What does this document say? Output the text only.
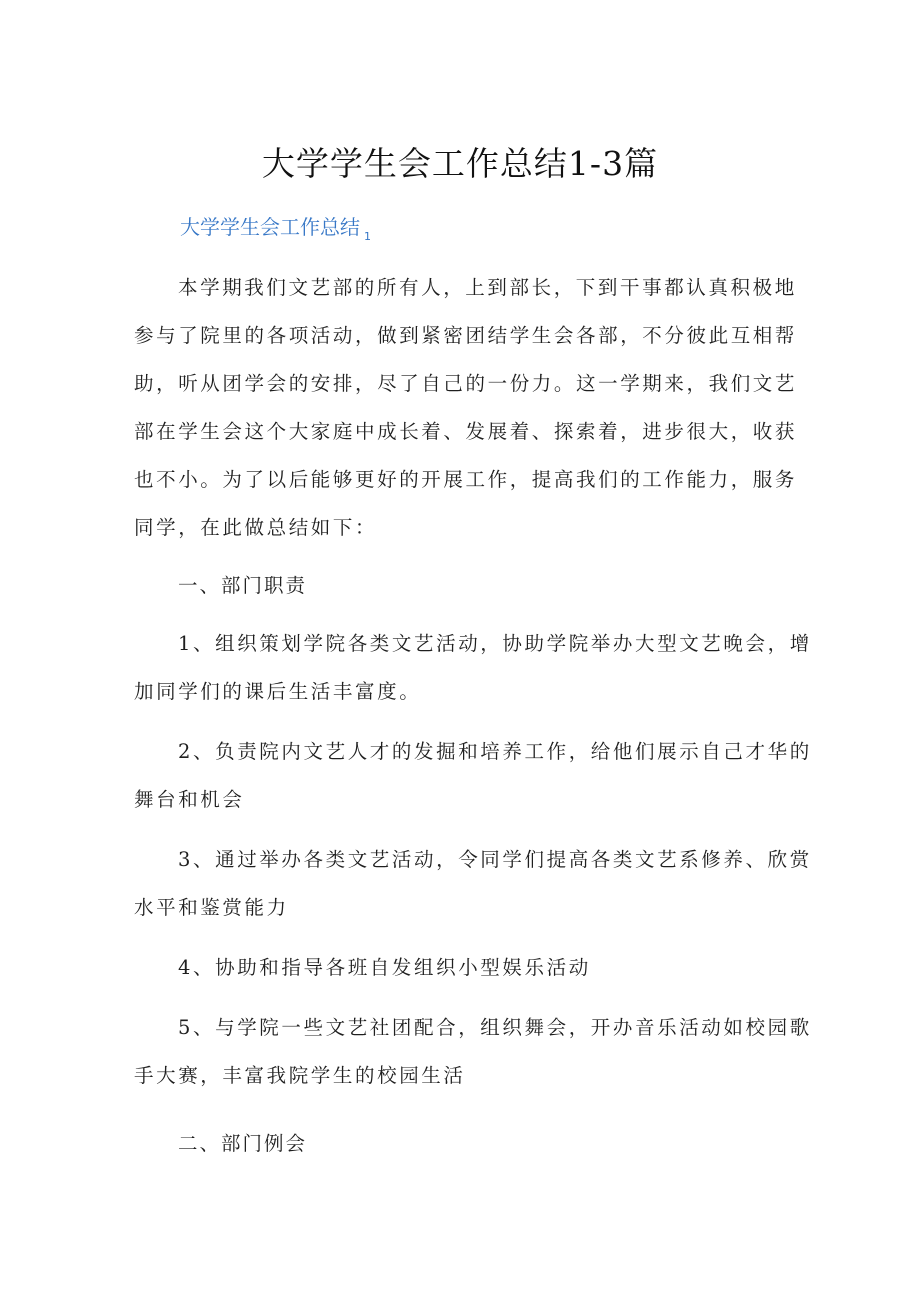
大学学生会工作总结1-3篇
大学学生会工作总结 $_1$
本学期我们文艺部的所有人，上到部长，下到干事都认真积极地
参与了院里的各项活动，做到紧密团结学生会各部，不分彼此互相帮
助，听从团学会的安排，尽了自己的一份力。这一学期来，我们文艺
部在学生会这个大家庭中成长着、发展着、探索着，进步很大，收获
也不小。为了以后能够更好的开展工作，提高我们的工作能力，服务
同学，在此做总结如下：
一、部门职责
1、组织策划学院各类文艺活动，协助学院举办大型文艺晚会，增
加同学们的课后生活丰富度。
2、负责院内文艺人才的发掘和培养工作，给他们展示自己才华的
舞台和机会
3、通过举办各类文艺活动，令同学们提高各类文艺系修养、欣赏
水平和鉴赏能力
4、协助和指导各班自发组织小型娱乐活动
5、与学院一些文艺社团配合，组织舞会，开办音乐活动如校园歌
手大赛，丰富我院学生的校园生活
二、部门例会
